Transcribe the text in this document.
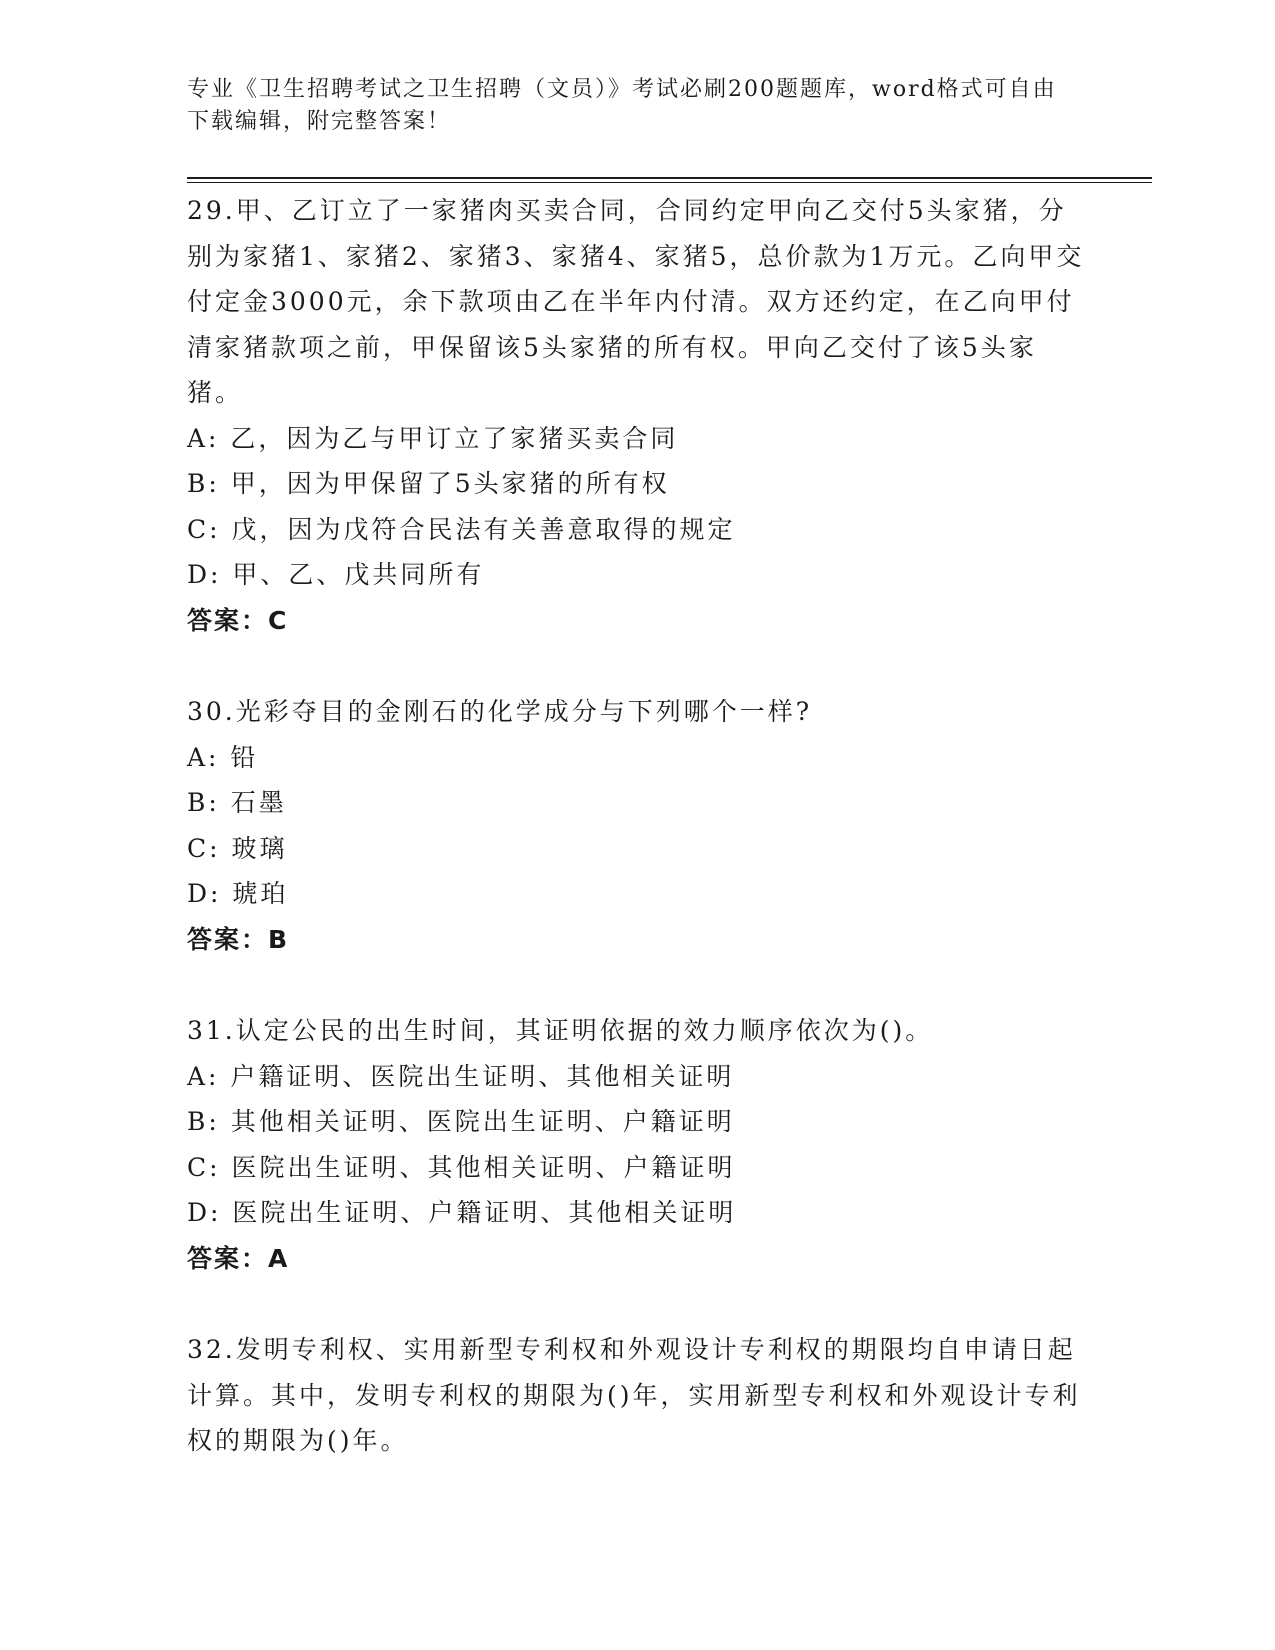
专业《卫生招聘考试之卫生招聘（文员）》考试必刷200题题库，word格式可自由下载编辑，附完整答案！
29.甲、乙订立了一家猪肉买卖合同，合同约定甲向乙交付5头家猪，分别为家猪1、家猪2、家猪3、家猪4、家猪5，总价款为1万元。乙向甲交付定金3000元，余下款项由乙在半年内付清。双方还约定，在乙向甲付清家猪款项之前，甲保留该5头家猪的所有权。甲向乙交付了该5头家猪。
A: 乙，因为乙与甲订立了家猪买卖合同
B: 甲，因为甲保留了5头家猪的所有权
C: 戊，因为戊符合民法有关善意取得的规定
D: 甲、乙、戊共同所有
答案：C
30.光彩夺目的金刚石的化学成分与下列哪个一样?
A: 铅
B: 石墨
C: 玻璃
D: 琥珀
答案：B
31.认定公民的出生时间，其证明依据的效力顺序依次为()。
A: 户籍证明、医院出生证明、其他相关证明
B: 其他相关证明、医院出生证明、户籍证明
C: 医院出生证明、其他相关证明、户籍证明
D: 医院出生证明、户籍证明、其他相关证明
答案：A
32.发明专利权、实用新型专利权和外观设计专利权的期限均自申请日起计算。其中，发明专利权的期限为()年，实用新型专利权和外观设计专利权的期限为()年。
